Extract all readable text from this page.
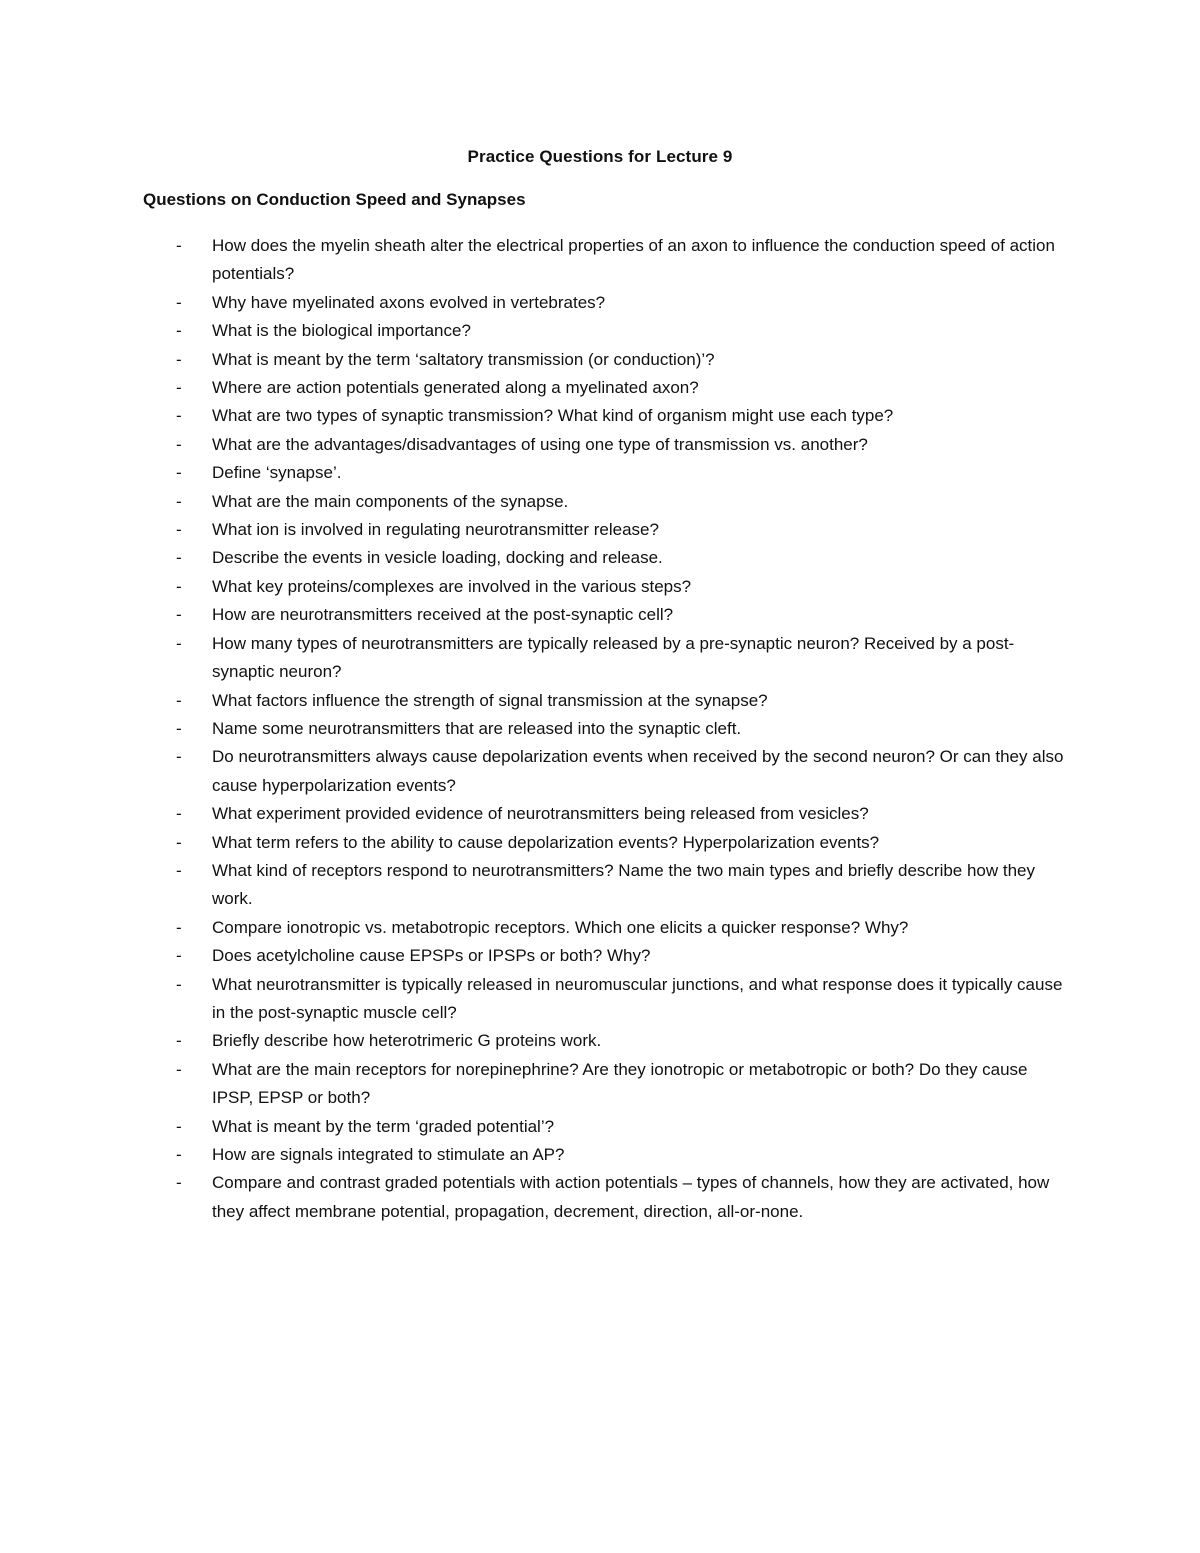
Practice Questions for Lecture 9
Questions on Conduction Speed and Synapses
-	How does the myelin sheath alter the electrical properties of an axon to influence the conduction speed of action potentials?
-	Why have myelinated axons evolved in vertebrates?
-	What is the biological importance?
-	What is meant by the term ‘saltatory transmission (or conduction)’?
-	Where are action potentials generated along a myelinated axon?
-	What are two types of synaptic transmission? What kind of organism might use each type?
-	What are the advantages/disadvantages of using one type of transmission vs. another?
-	Define ‘synapse’.
-	What are the main components of the synapse.
-	What ion is involved in regulating neurotransmitter release?
-	Describe the events in vesicle loading, docking and release.
-	What key proteins/complexes are involved in the various steps?
-	How are neurotransmitters received at the post-synaptic cell?
-	How many types of neurotransmitters are typically released by a pre-synaptic neuron? Received by a post-synaptic neuron?
-	What factors influence the strength of signal transmission at the synapse?
-	Name some neurotransmitters that are released into the synaptic cleft.
-	Do neurotransmitters always cause depolarization events when received by the second neuron? Or can they also cause hyperpolarization events?
-	What experiment provided evidence of neurotransmitters being released from vesicles?
-	What term refers to the ability to cause depolarization events? Hyperpolarization events?
-	What kind of receptors respond to neurotransmitters? Name the two main types and briefly describe how they work.
-	Compare ionotropic vs. metabotropic receptors. Which one elicits a quicker response? Why?
-	Does acetylcholine cause EPSPs or IPSPs or both? Why?
-	What neurotransmitter is typically released in neuromuscular junctions, and what response does it typically cause in the post-synaptic muscle cell?
-	Briefly describe how heterotrimeric G proteins work.
-	What are the main receptors for norepinephrine? Are they ionotropic or metabotropic or both? Do they cause IPSP, EPSP or both?
-	What is meant by the term ‘graded potential’?
-	How are signals integrated to stimulate an AP?
-	Compare and contrast graded potentials with action potentials – types of channels, how they are activated, how they affect membrane potential, propagation, decrement, direction, all-or-none.
